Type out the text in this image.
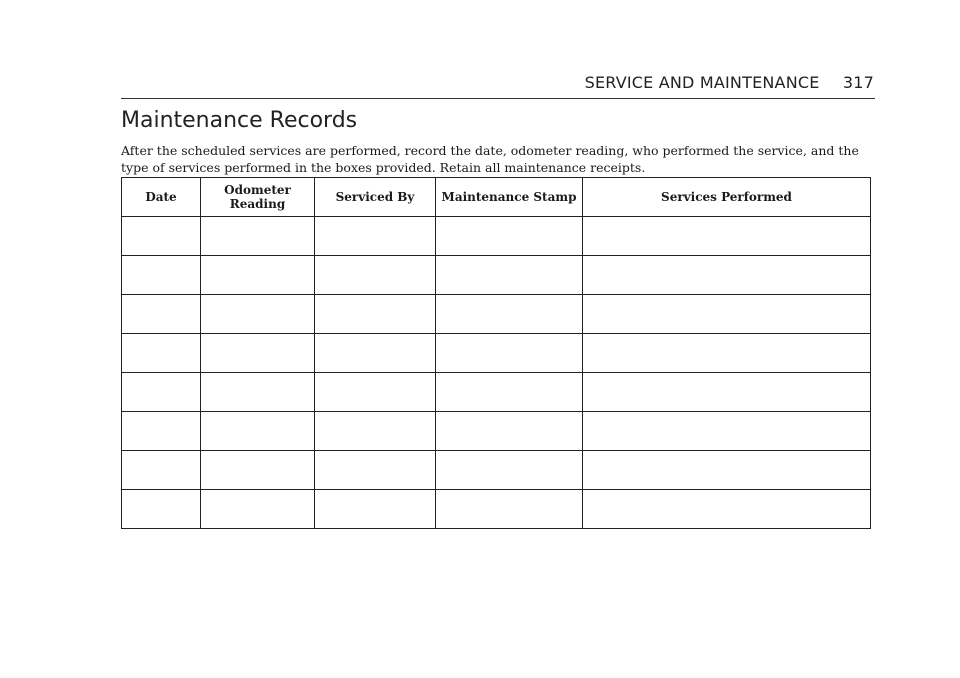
SERVICE AND MAINTENANCE 317
Maintenance Records

After the scheduled services are performed, record the date, odometer reading, who performed the service, and the type of services performed in the boxes provided. Retain all maintenance receipts.

Date	Odometer Reading	Serviced By	Maintenance Stamp	Services Performed
